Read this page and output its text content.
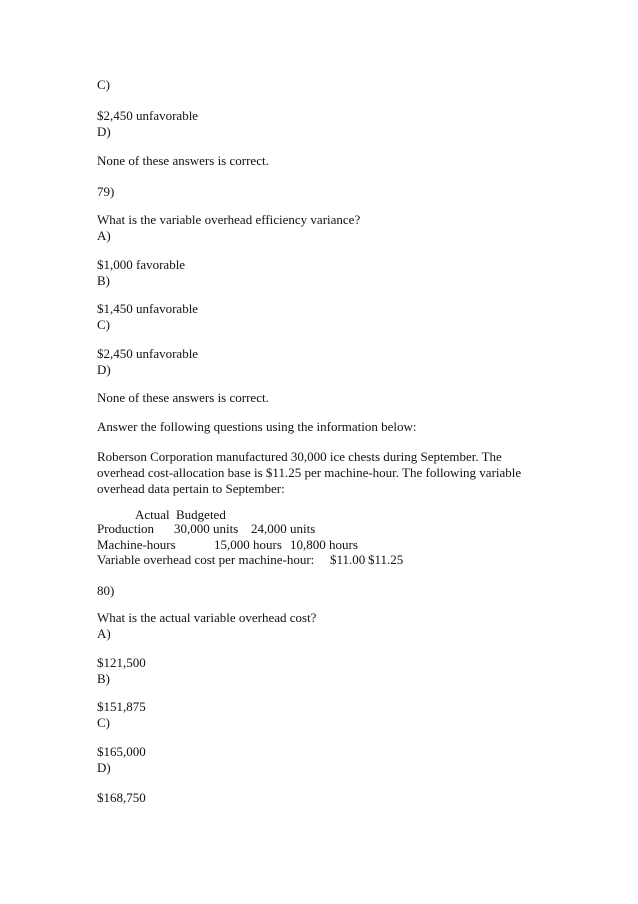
C)

$2,450 unfavorable

D)

None of these answers is correct.

79)

What is the variable overhead efficiency variance?

A)

$1,000 favorable

B)

$1,450 unfavorable

C)

$2,450 unfavorable

D)

None of these answers is correct.

Answer the following questions using the information below:

Roberson Corporation manufactured 30,000 ice chests during September. The

overhead cost-allocation base is $11.25 per machine-hour. The following variable

overhead data pertain to September:

Actual Budgeted
Production 30,000 units 24,000 units
Machine-hours	15,000 hours 10,800 hours
Variable overhead cost per machine-hour: $11.00 $11.25

80)

What is the actual variable overhead cost?

A)

$121,500

B)

$151,875

C)

$165,000

D)

$168,750
